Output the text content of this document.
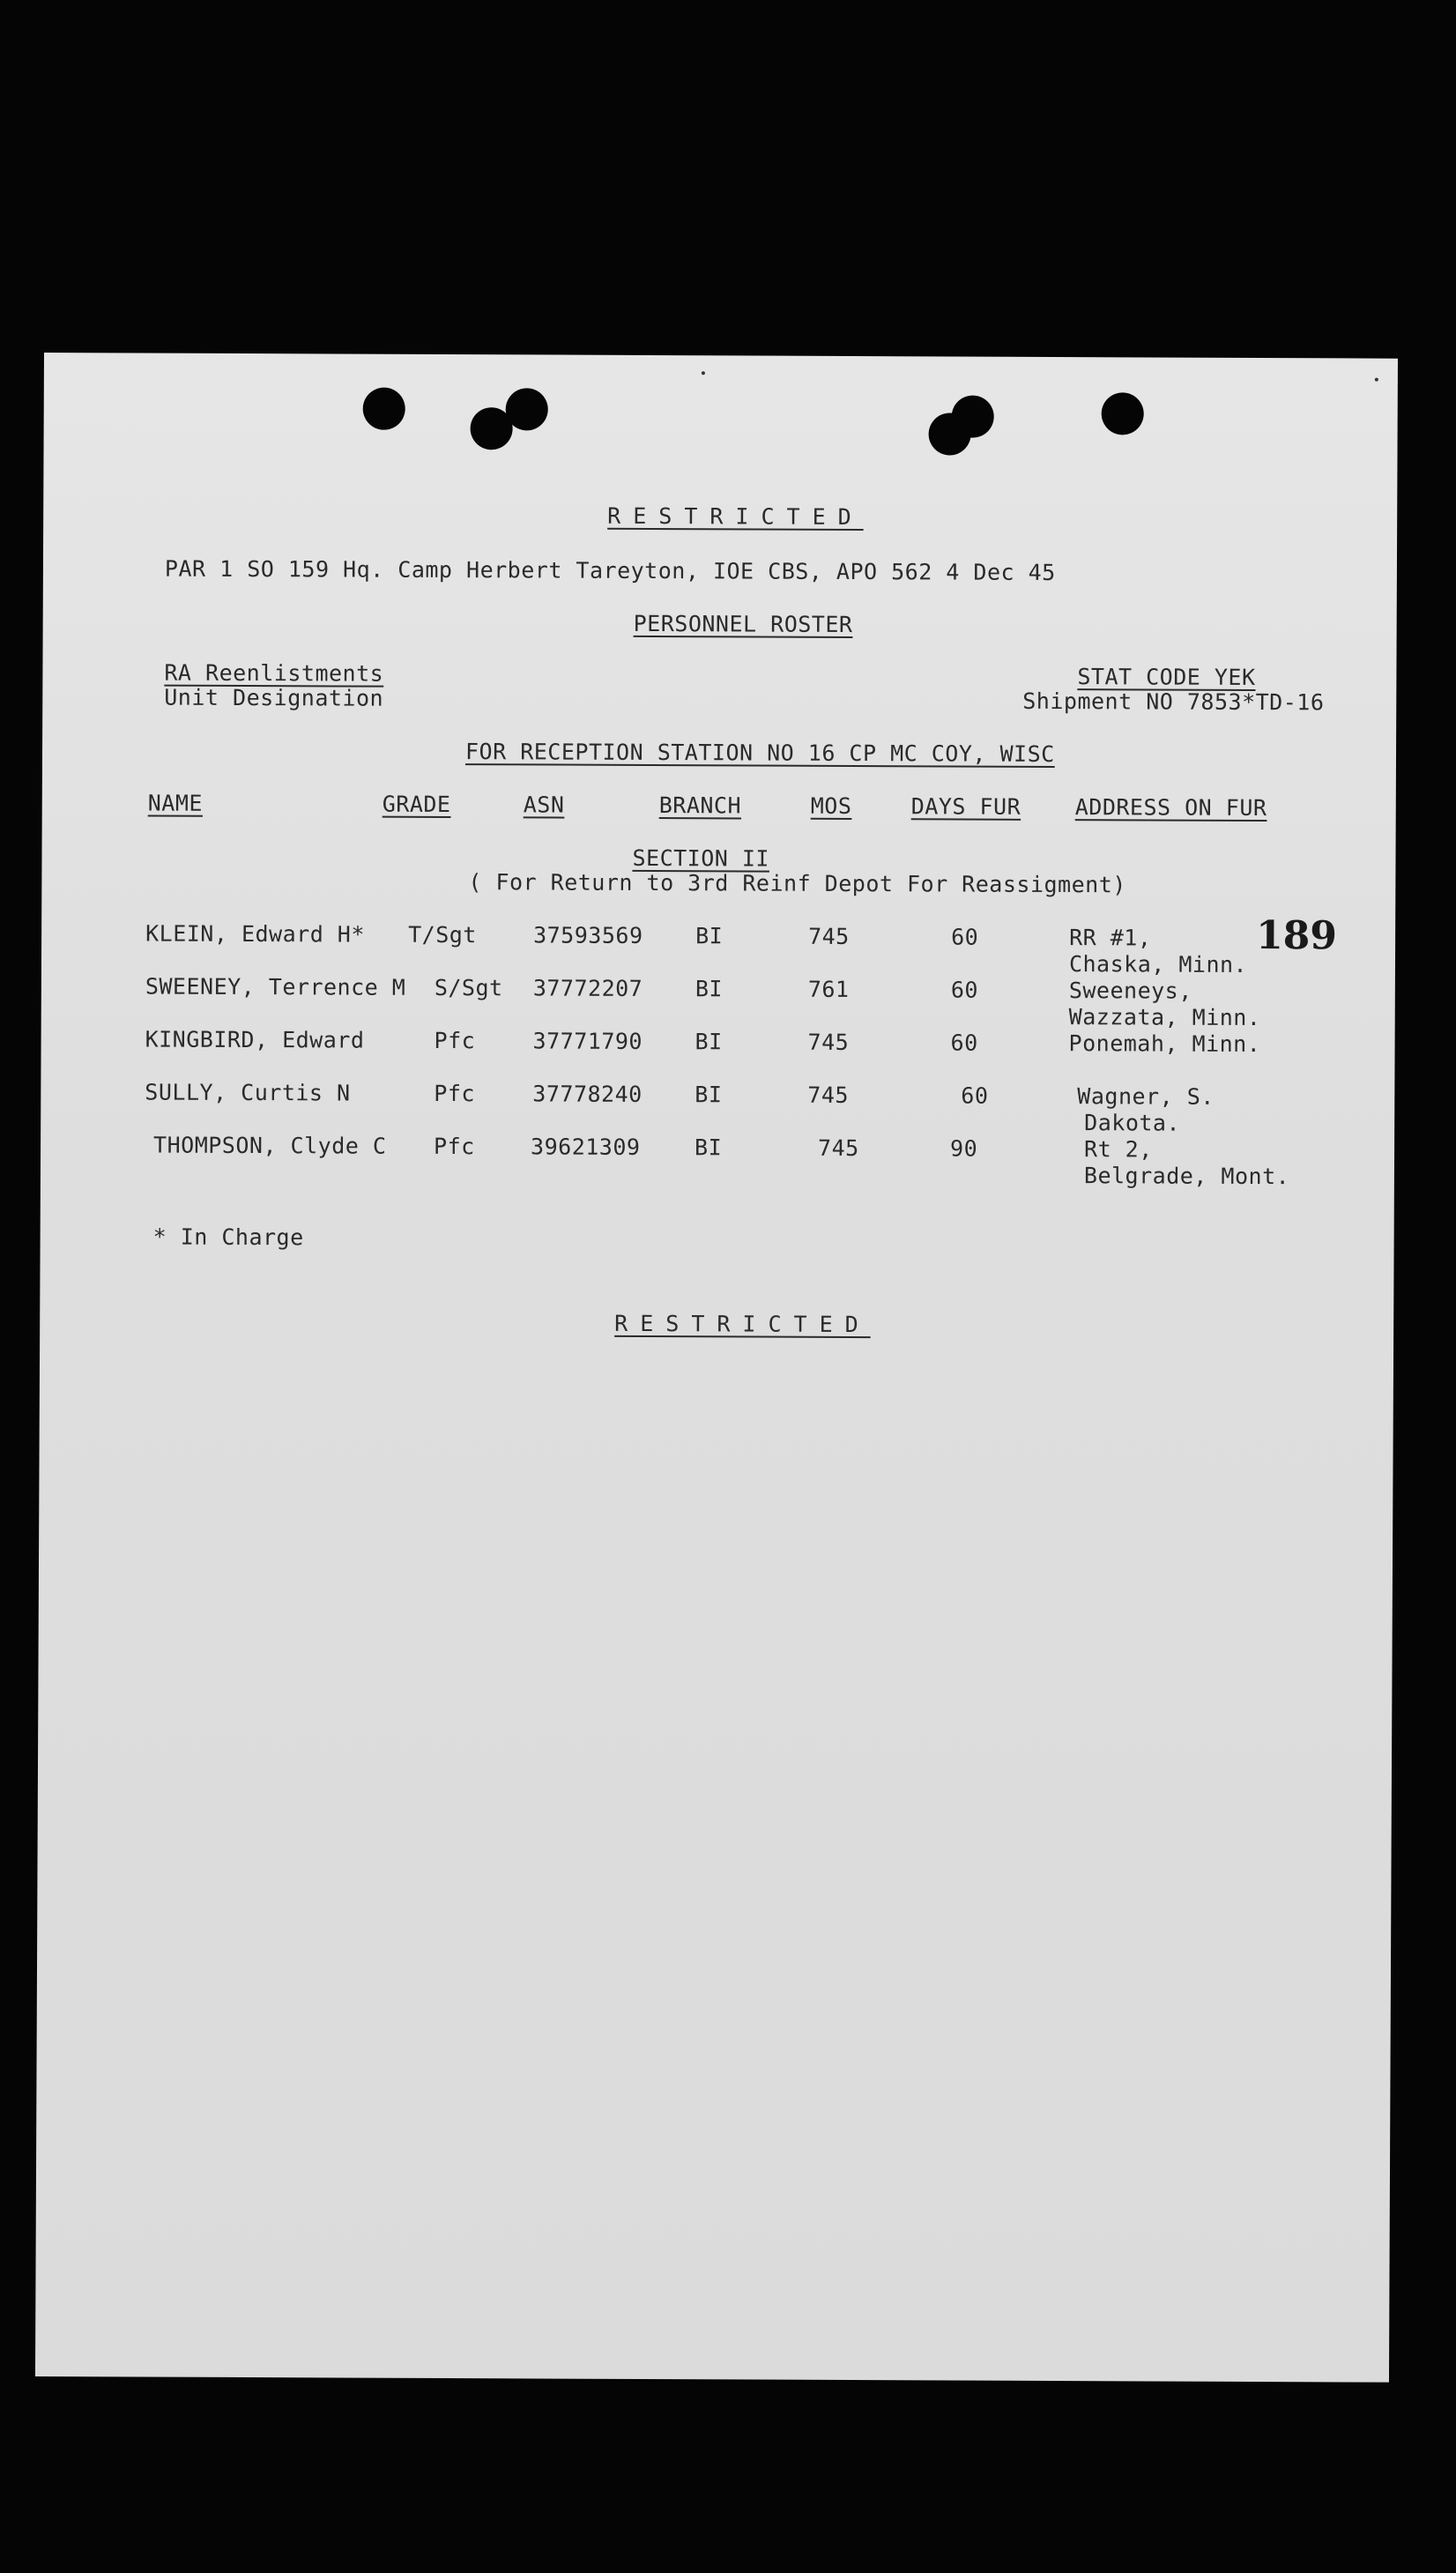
RESTRICTED
PAR 1 SO 159 Hq. Camp Herbert Tareyton, IOE CBS, APO 562 4 Dec 45
PERSONNEL ROSTER
RA Reenlistments
Unit Designation
STAT CODE YEK
Shipment NO 7853*TD-16
FOR RECEPTION STATION NO 16 CP MC COY, WISC
NAME	GRADE	ASN	BRANCH	MOS	DAYS FUR ADDRESS ON FUR
SECTION II
( For Return to 3rd Reinf Depot For Reassigment)
189
KLEIN, Edward H* T/Sgt	37593569 BI	745	60	RR #1,
Chaska, Minn.
SWEENEY, Terrence M S/Sgt 37772207 BI	761	60	Sweeneys,
Wazzata, Minn.
KINGBIRD, Edward	Pfc	37771790 BI	745	60	Ponemah, Minn.
SULLY, Curtis N	Pfc	37778240 BI	745	60	Wagner, S.
Dakota.
THOMPSON, Clyde C Pfc	39621309 BI	745	90	Rt 2,
Belgrade, Mont.
* In Charge
RESTRICTED
